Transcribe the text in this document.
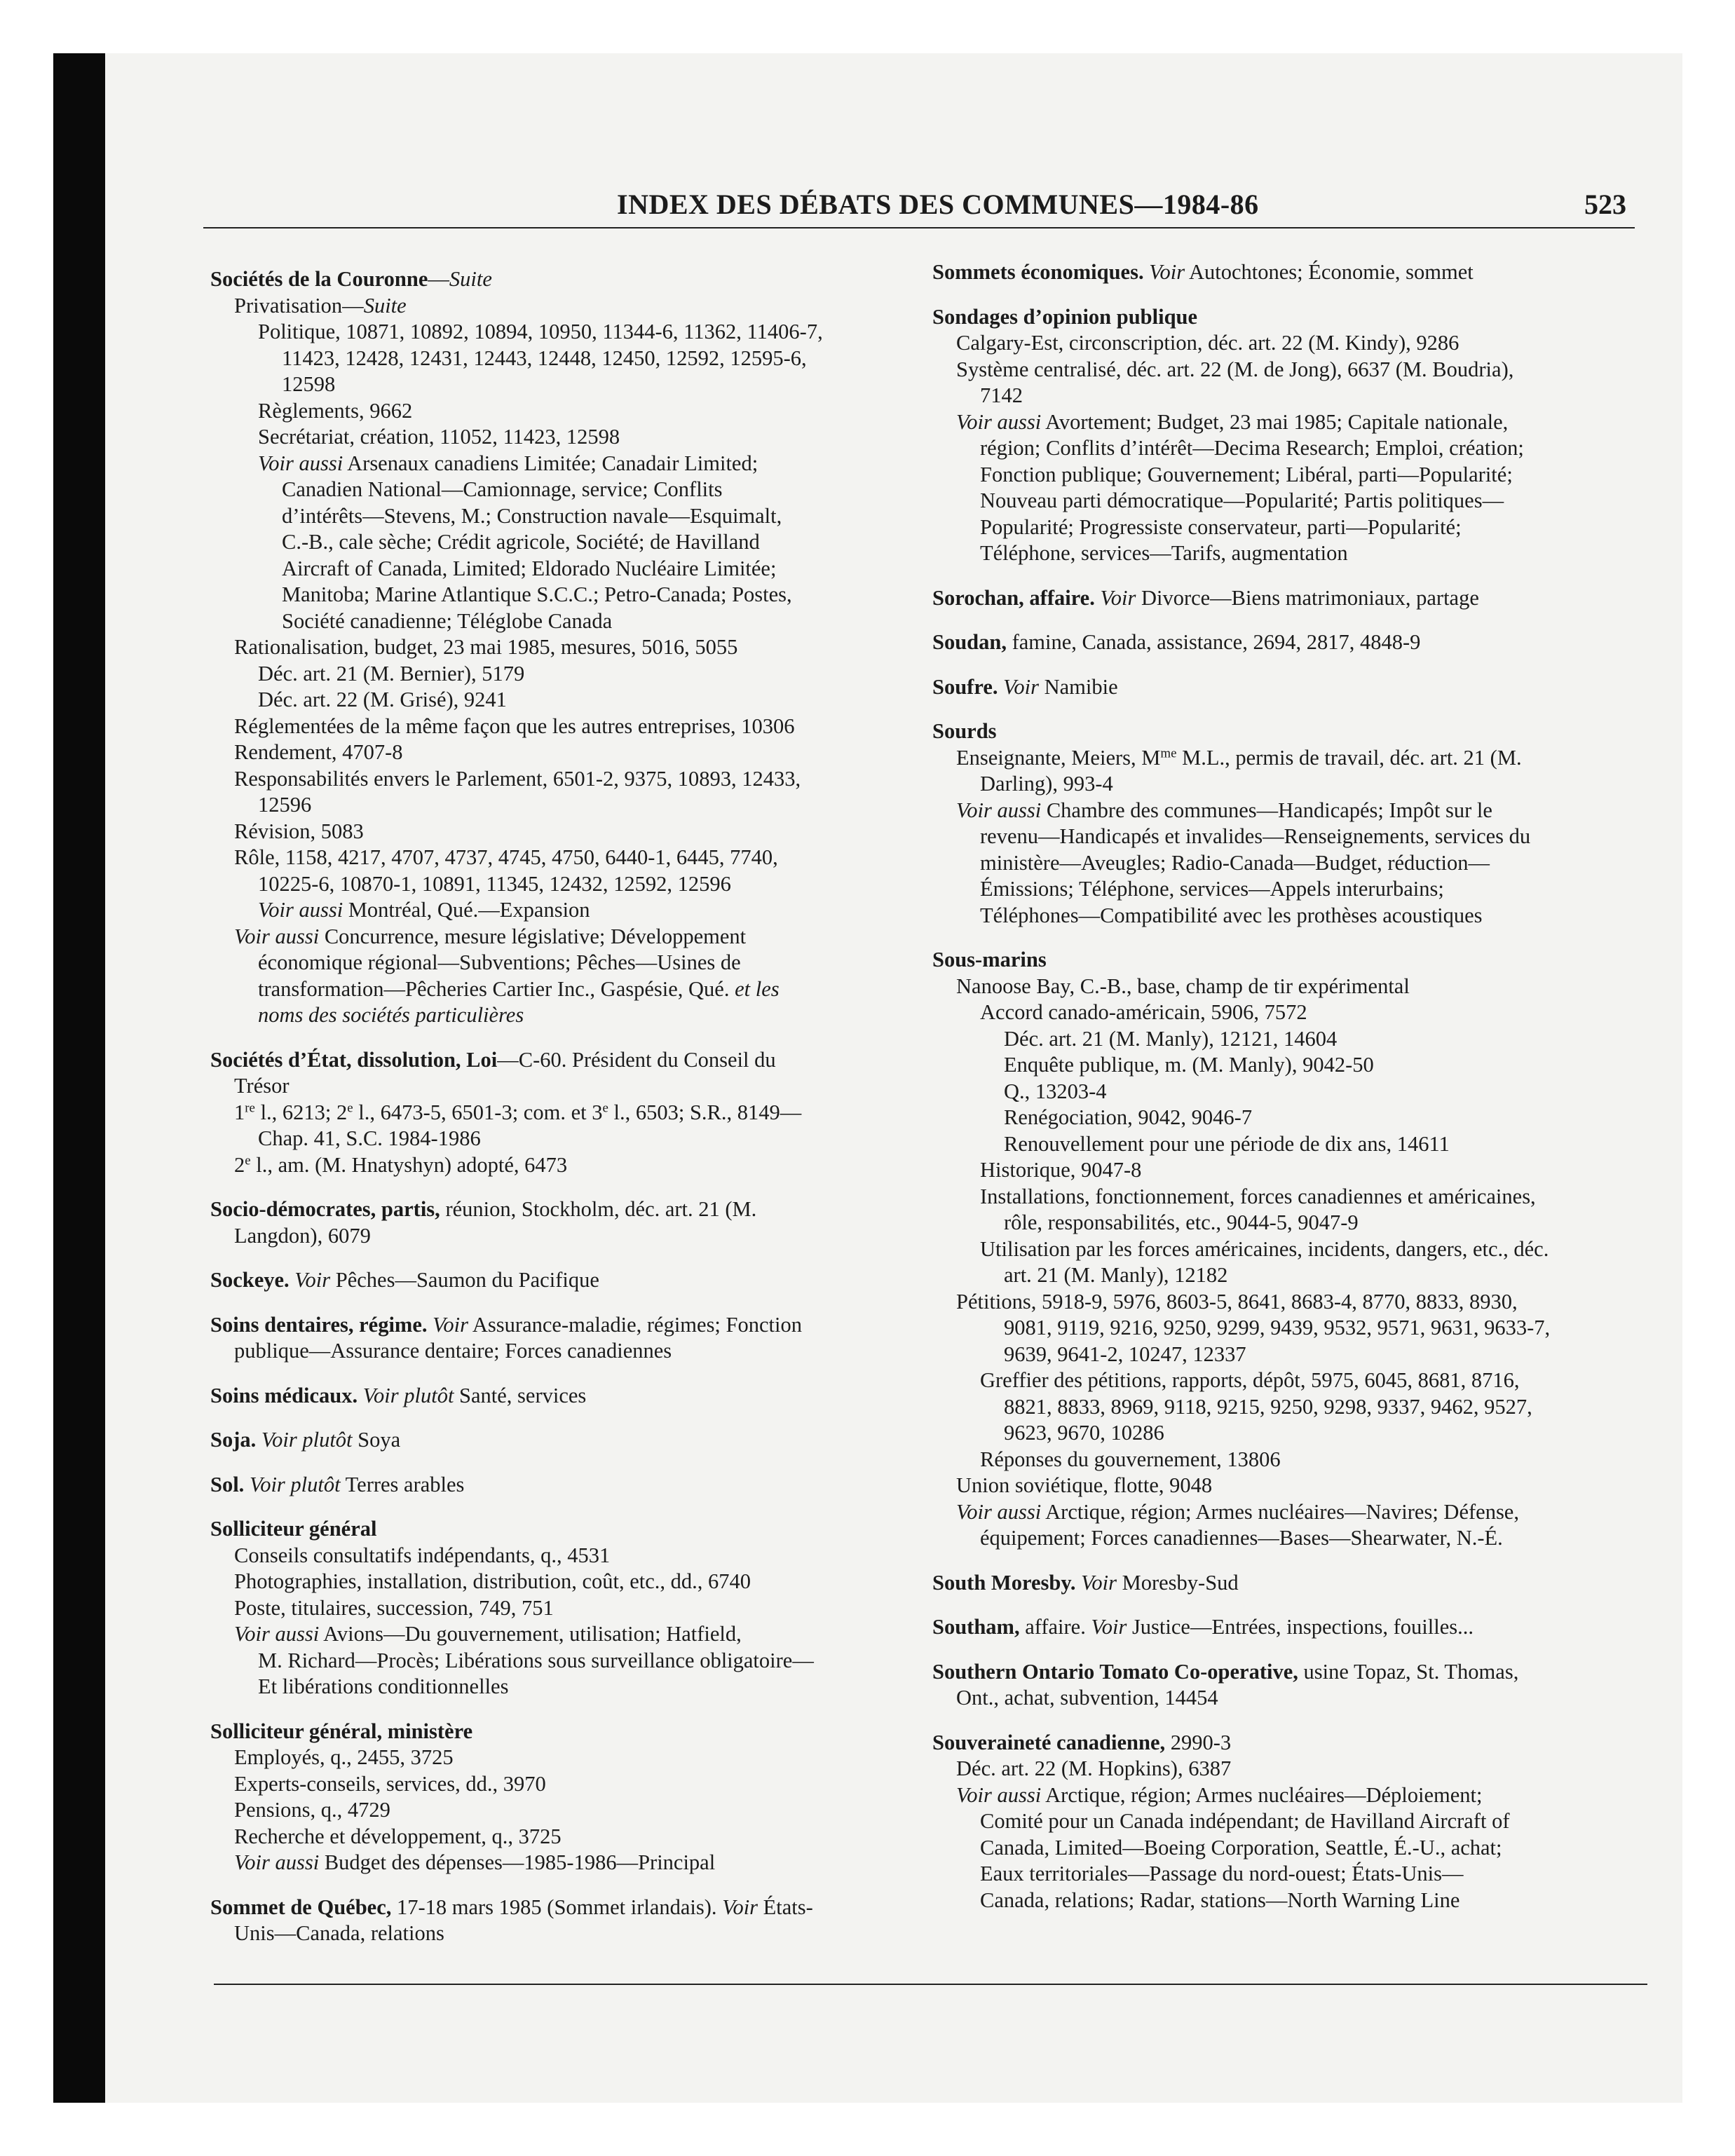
INDEX DES DÉBATS DES COMMUNES—1984-86	523
Sociétés de la Couronne—Suite
Privatisation—Suite
Politique, 10871, 10892, 10894, 10950, 11344-6, 11362, 11406-7,
11423, 12428, 12431, 12443, 12448, 12450, 12592, 12595-6,
12598
Règlements, 9662
Secrétariat, création, 11052, 11423, 12598
Voir aussi Arsenaux canadiens Limitée; Canadair Limited;
Canadien National—Camionnage, service; Conflits
d’intérêts—Stevens, M.; Construction navale—Esquimalt,
C.-B., cale sèche; Crédit agricole, Société; de Havilland
Aircraft of Canada, Limited; Eldorado Nucléaire Limitée;
Manitoba; Marine Atlantique S.C.C.; Petro-Canada; Postes,
Société canadienne; Téléglobe Canada
Rationalisation, budget, 23 mai 1985, mesures, 5016, 5055
Déc. art. 21 (M. Bernier), 5179
Déc. art. 22 (M. Grisé), 9241
Réglementées de la même façon que les autres entreprises, 10306
Rendement, 4707-8
Responsabilités envers le Parlement, 6501-2, 9375, 10893, 12433,
12596
Révision, 5083
Rôle, 1158, 4217, 4707, 4737, 4745, 4750, 6440-1, 6445, 7740,
10225-6, 10870-1, 10891, 11345, 12432, 12592, 12596
Voir aussi Montréal, Qué.—Expansion
Voir aussi Concurrence, mesure législative; Développement
économique régional—Subventions; Pêches—Usines de
transformation—Pêcheries Cartier Inc., Gaspésie, Qué. et les
noms des sociétés particulières
Sociétés d’État, dissolution, Loi—C-60. Président du Conseil du
Trésor
1re l., 6213; 2e l., 6473-5, 6501-3; com. et 3e l., 6503; S.R., 8149—
Chap. 41, S.C. 1984-1986
2e l., am. (M. Hnatyshyn) adopté, 6473
Socio-démocrates, partis, réunion, Stockholm, déc. art. 21 (M.
Langdon), 6079
Sockeye. Voir Pêches—Saumon du Pacifique
Soins dentaires, régime. Voir Assurance-maladie, régimes; Fonction
publique—Assurance dentaire; Forces canadiennes
Soins médicaux. Voir plutôt Santé, services
Soja. Voir plutôt Soya
Sol. Voir plutôt Terres arables
Solliciteur général
Conseils consultatifs indépendants, q., 4531
Photographies, installation, distribution, coût, etc., dd., 6740
Poste, titulaires, succession, 749, 751
Voir aussi Avions—Du gouvernement, utilisation; Hatfield,
M. Richard—Procès; Libérations sous surveillance obligatoire—
Et libérations conditionnelles
Solliciteur général, ministère
Employés, q., 2455, 3725
Experts-conseils, services, dd., 3970
Pensions, q., 4729
Recherche et développement, q., 3725
Voir aussi Budget des dépenses—1985-1986—Principal
Sommet de Québec, 17-18 mars 1985 (Sommet irlandais). Voir États-
Unis—Canada, relations
Sommets économiques. Voir Autochtones; Économie, sommet
Sondages d’opinion publique
Calgary-Est, circonscription, déc. art. 22 (M. Kindy), 9286
Système centralisé, déc. art. 22 (M. de Jong), 6637 (M. Boudria),
7142
Voir aussi Avortement; Budget, 23 mai 1985; Capitale nationale,
région; Conflits d’intérêt—Decima Research; Emploi, création;
Fonction publique; Gouvernement; Libéral, parti—Popularité;
Nouveau parti démocratique—Popularité; Partis politiques—
Popularité; Progressiste conservateur, parti—Popularité;
Téléphone, services—Tarifs, augmentation
Sorochan, affaire. Voir Divorce—Biens matrimoniaux, partage
Soudan, famine, Canada, assistance, 2694, 2817, 4848-9
Soufre. Voir Namibie
Sourds
Enseignante, Meiers, $M^{me}$ M.L., permis de travail, déc. art. 21 (M.
Darling), 993-4
Voir aussi Chambre des communes—Handicapés; Impôt sur le
revenu—Handicapés et invalides—Renseignements, services du
ministère—Aveugles; Radio-Canada—Budget, réduction—
Émissions; Téléphone, services—Appels interurbains;
Téléphones—Compatibilité avec les prothèses acoustiques
Sous-marins
Nanoose Bay, C.-B., base, champ de tir expérimental
Accord canado-américain, 5906, 7572
Déc. art. 21 (M. Manly), 12121, 14604
Enquête publique, m. (M. Manly), 9042-50
Q., 13203-4
Renégociation, 9042, 9046-7
Renouvellement pour une période de dix ans, 14611
Historique, 9047-8
Installations, fonctionnement, forces canadiennes et américaines,
rôle, responsabilités, etc., 9044-5, 9047-9
Utilisation par les forces américaines, incidents, dangers, etc., déc.
art. 21 (M. Manly), 12182
Pétitions, 5918-9, 5976, 8603-5, 8641, 8683-4, 8770, 8833, 8930,
9081, 9119, 9216, 9250, 9299, 9439, 9532, 9571, 9631, 9633-7,
9639, 9641-2, 10247, 12337
Greffier des pétitions, rapports, dépôt, 5975, 6045, 8681, 8716,
8821, 8833, 8969, 9118, 9215, 9250, 9298, 9337, 9462, 9527,
9623, 9670, 10286
Réponses du gouvernement, 13806
Union soviétique, flotte, 9048
Voir aussi Arctique, région; Armes nucléaires—Navires; Défense,
équipement; Forces canadiennes—Bases—Shearwater, N.-É.
South Moresby. Voir Moresby-Sud
Southam, affaire. Voir Justice—Entrées, inspections, fouilles...
Southern Ontario Tomato Co-operative, usine Topaz, St. Thomas,
Ont., achat, subvention, 14454
Souveraineté canadienne, 2990-3
Déc. art. 22 (M. Hopkins), 6387
Voir aussi Arctique, région; Armes nucléaires—Déploiement;
Comité pour un Canada indépendant; de Havilland Aircraft of
Canada, Limited—Boeing Corporation, Seattle, É.-U., achat;
Eaux territoriales—Passage du nord-ouest; États-Unis—
Canada, relations; Radar, stations—North Warning Line
